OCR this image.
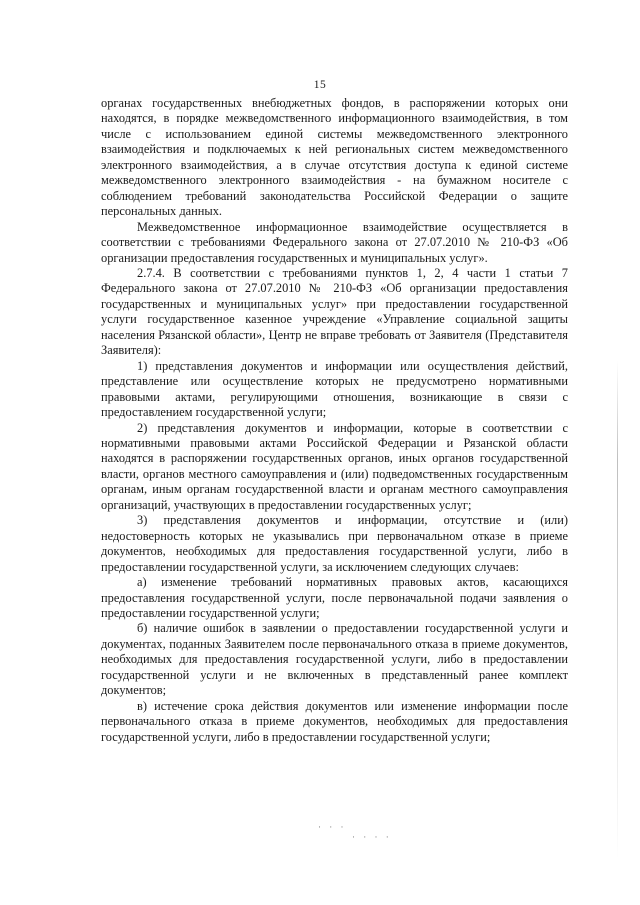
15

органах государственных внебюджетных фондов, в распоряжении которых они находятся, в порядке межведомственного информационного взаимодействия, в том числе с использованием единой системы межведомственного электронного взаимодействия и подключаемых к ней региональных систем межведомственного электронного взаимодействия, а в случае отсутствия доступа к единой системе межведомственного электронного взаимодействия - на бумажном носителе с соблюдением требований законодательства Российской Федерации о защите персональных данных.

Межведомственное информационное взаимодействие осуществляется в соответствии с требованиями Федерального закона от 27.07.2010 № 210-ФЗ «Об организации предоставления государственных и муниципальных услуг».

2.7.4. В соответствии с требованиями пунктов 1, 2, 4 части 1 статьи 7 Федерального закона от 27.07.2010 № 210-ФЗ «Об организации предоставления государственных и муниципальных услуг» при предоставлении государственной услуги государственное казенное учреждение «Управление социальной защиты населения Рязанской области», Центр не вправе требовать от Заявителя (Представителя Заявителя):

1) представления документов и информации или осуществления действий, представление или осуществление которых не предусмотрено нормативными правовыми актами, регулирующими отношения, возникающие в связи с предоставлением государственной услуги;

2) представления документов и информации, которые в соответствии с нормативными правовыми актами Российской Федерации и Рязанской области находятся в распоряжении государственных органов, иных органов государственной власти, органов местного самоуправления и (или) подведомственных государственным органам, иным органам государственной власти и органам местного самоуправления организаций, участвующих в предоставлении государственных услуг;

3) представления документов и информации, отсутствие и (или) недостоверность которых не указывались при первоначальном отказе в приеме документов, необходимых для предоставления государственной услуги, либо в предоставлении государственной услуги, за исключением следующих случаев:

а) изменение требований нормативных правовых актов, касающихся предоставления государственной услуги, после первоначальной подачи заявления о предоставлении государственной услуги;

б) наличие ошибок в заявлении о предоставлении государственной услуги и документах, поданных Заявителем после первоначального отказа в приеме документов, необходимых для предоставления государственной услуги, либо в предоставлении государственной услуги и не включенных в представленный ранее комплект документов;

в) истечение срока действия документов или изменение информации после первоначального отказа в приеме документов, необходимых для предоставления государственной услуги, либо в предоставлении государственной услуги;

· · ·
· · · ·
